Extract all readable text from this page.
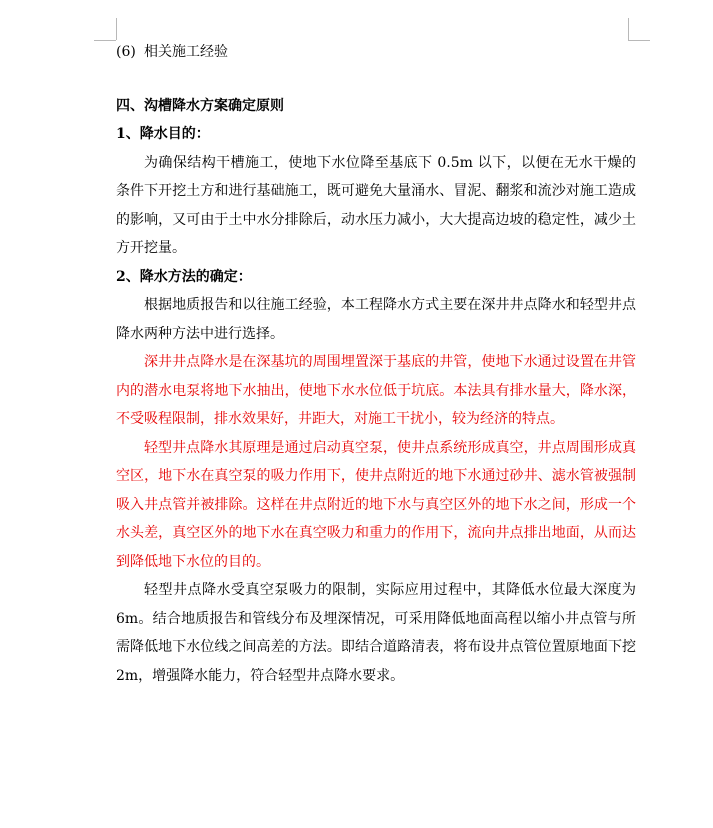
(6) 相关施工经验

四、沟槽降水方案确定原则

1、降水目的：

为确保结构干槽施工，使地下水位降至基底下 0.5m 以下，以便在无水干燥的条件下开挖土方和进行基础施工，既可避免大量涌水、冒泥、翻浆和流沙对施工造成的影响，又可由于土中水分排除后，动水压力减小，大大提高边坡的稳定性，减少土方开挖量。

2、降水方法的确定：

根据地质报告和以往施工经验，本工程降水方式主要在深井井点降水和轻型井点降水两种方法中进行选择。

深井井点降水是在深基坑的周围埋置深于基底的井管，使地下水通过设置在井管内的潜水电泵将地下水抽出，使地下水水位低于坑底。本法具有排水量大，降水深，不受吸程限制，排水效果好，井距大，对施工干扰小，较为经济的特点。

轻型井点降水其原理是通过启动真空泵，使井点系统形成真空，井点周围形成真空区，地下水在真空泵的吸力作用下，使井点附近的地下水通过砂井、滤水管被强制吸入井点管并被排除。这样在井点附近的地下水与真空区外的地下水之间，形成一个水头差，真空区外的地下水在真空吸力和重力的作用下，流向井点排出地面，从而达到降低地下水位的目的。

轻型井点降水受真空泵吸力的限制，实际应用过程中，其降低水位最大深度为 6m。结合地质报告和管线分布及埋深情况，可采用降低地面高程以缩小井点管与所需降低地下水位线之间高差的方法。即结合道路清表，将布设井点管位置原地面下挖 2m，增强降水能力，符合轻型井点降水要求。
